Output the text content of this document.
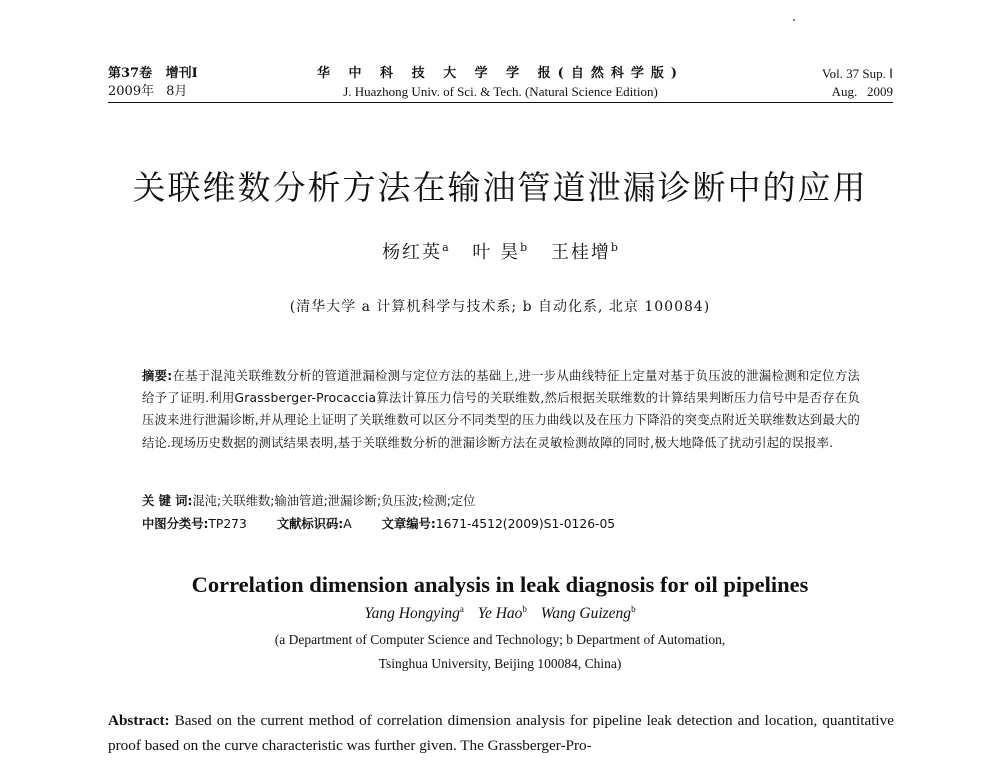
第37卷 增刊Ⅰ	华 中 科 技 大 学 学 报(自然科学版)	Vol. 37 Sup. Ⅰ
2009年 8月	J. Huazhong Univ. of Sci. & Tech. (Natural Science Edition)	Aug. 2009
关联维数分析方法在输油管道泄漏诊断中的应用
杨红英$^a$ 叶 昊$^b$ 王桂增$^b$
(清华大学 a 计算机科学与技术系; b 自动化系, 北京 100084)
摘要:在基于混沌关联维数分析的管道泄漏检测与定位方法的基础上,进一步从曲线特征上定量对基于负压波的泄漏检测和定位方法给予了证明.利用Grassberger-Procaccia算法计算压力信号的关联维数,然后根据关联维数的计算结果判断压力信号中是否存在负压波来进行泄漏诊断,并从理论上证明了关联维数可以区分不同类型的压力曲线以及在压力下降沿的突变点附近关联维数达到最大的结论.现场历史数据的测试结果表明,基于关联维数分析的泄漏诊断方法在灵敏检测故障的同时,极大地降低了扰动引起的误报率.
关 键 词:混沌;关联维数;输油管道;泄漏诊断;负压波;检测;定位
中图分类号:TP273 文献标识码:A 文章编号:1671-4512(2009)S1-0126-05
Correlation dimension analysis in leak diagnosis for oil pipelines
Yang Hongying$^a$ Ye Hao$^b$ Wang Guizeng$^b$
(a Department of Computer Science and Technology; b Department of Automation,
Tsinghua University, Beijing 100084, China)
Abstract: Based on the current method of correlation dimension analysis for pipeline leak detection and location, quantitative proof based on the curve characteristic was further given. The Grassberger-Pro-
